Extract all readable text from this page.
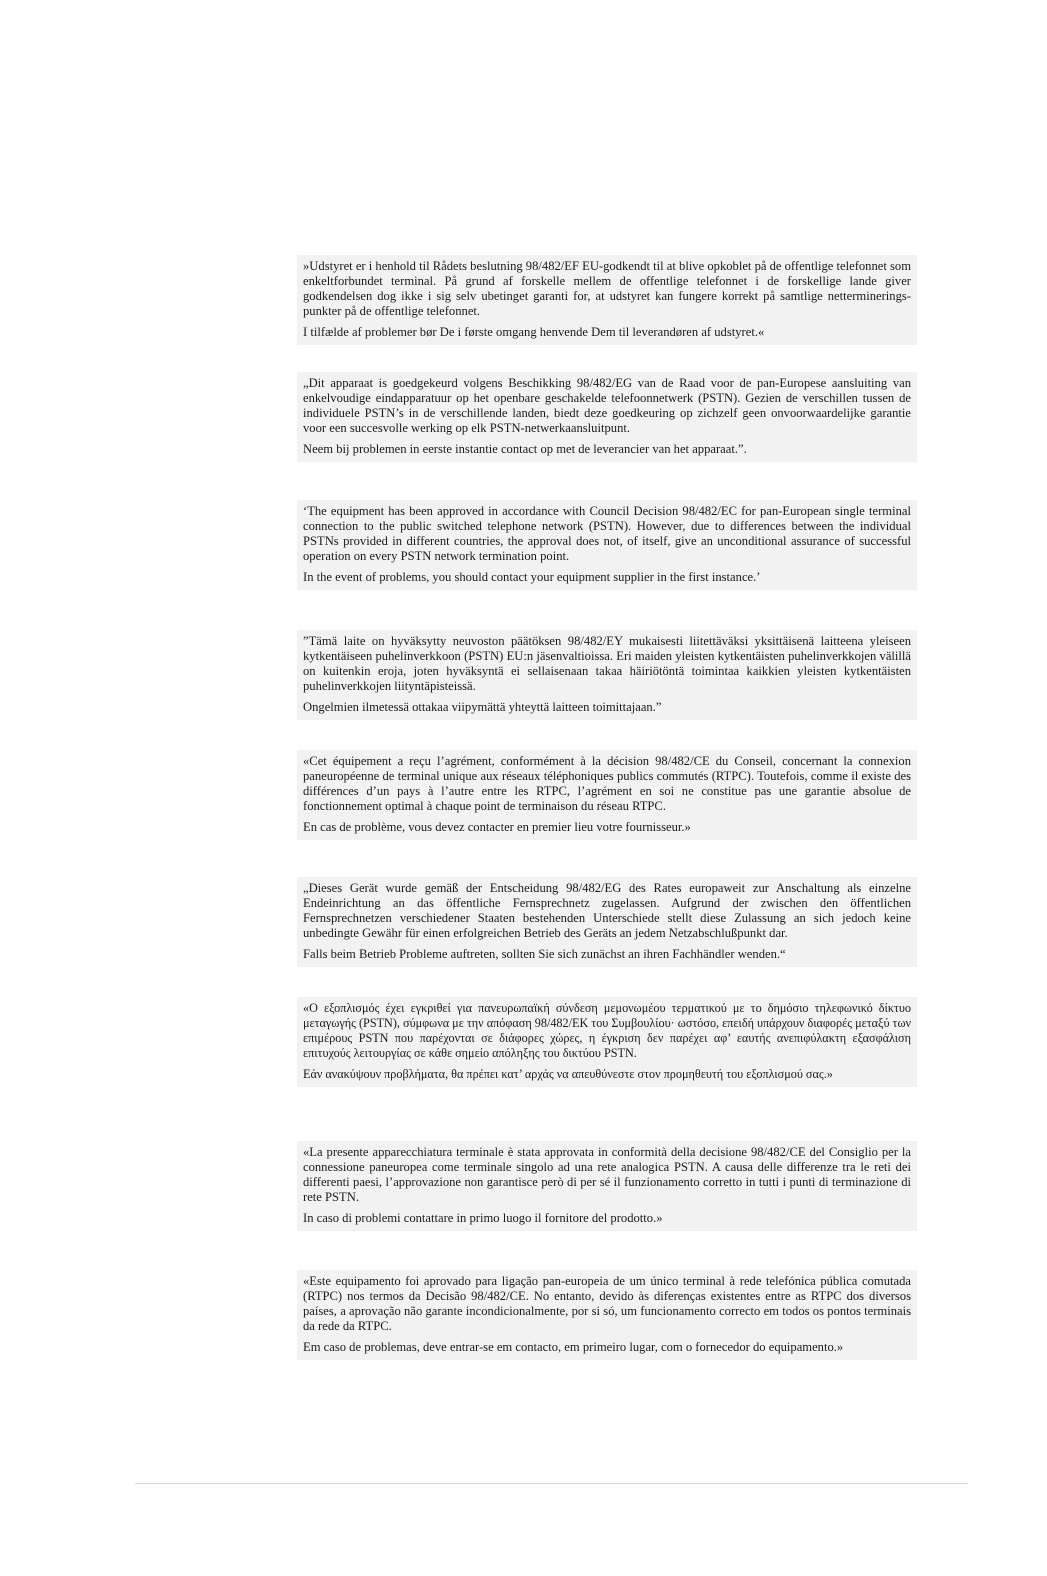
»Udstyret er i henhold til Rådets beslutning 98/482/EF EU-godkendt til at blive opkoblet på de offentlige telefonnet som enkeltforbundet terminal. På grund af forskelle mellem de offentlige telefonnet i de forskellige lande giver godkendelsen dog ikke i sig selv ubetinget garanti for, at udstyret kan fungere korrekt på samtlige nettermineringspunkter på de offentlige telefonnet.

I tilfælde af problemer bør De i første omgang henvende Dem til leverandøren af udstyret.«

„Dit apparaat is goedgekeurd volgens Beschikking 98/482/EG van de Raad voor de pan-Europese aansluiting van enkelvoudige eindapparatuur op het openbare geschakelde telefoonnetwerk (PSTN). Gezien de verschillen tussen de individuele PSTN’s in de verschillende landen, biedt deze goedkeuring op zichzelf geen onvoorwaardelijke garantie voor een succesvolle werking op elk PSTN-netwerkaansluitpunt.

Neem bij problemen in eerste instantie contact op met de leverancier van het apparaat.”.

‘The equipment has been approved in accordance with Council Decision 98/482/EC for pan-European single terminal connection to the public switched telephone network (PSTN). However, due to differences between the individual PSTNs provided in different countries, the approval does not, of itself, give an unconditional assurance of successful operation on every PSTN network termination point.

In the event of problems, you should contact your equipment supplier in the first instance.’

”Tämä laite on hyväksytty neuvoston päätöksen 98/482/EY mukaisesti liitettäväksi yksittäisenä laitteena yleiseen kytkentäiseen puhelinverkkoon (PSTN) EU:n jäsenvaltioissa. Eri maiden yleisten kytkentäisten puhelinverkkojen välillä on kuitenkin eroja, joten hyväksyntä ei sellaisenaan takaa häiriötöntä toimintaa kaikkien yleisten kytkentäisten puhelinverkkojen liityntäpisteissä.

Ongelmien ilmetessä ottakaa viipymättä yhteyttä laitteen toimittajaan.”

«Cet équipement a reçu l’agrément, conformément à la décision 98/482/CE du Conseil, concernant la connexion paneuropéenne de terminal unique aux réseaux téléphoniques publics commutés (RTPC). Toutefois, comme il existe des différences d’un pays à l’autre entre les RTPC, l’agrément en soi ne constitue pas une garantie absolue de fonctionnement optimal à chaque point de terminaison du réseau RTPC.

En cas de problème, vous devez contacter en premier lieu votre fournisseur.»

„Dieses Gerät wurde gemäß der Entscheidung 98/482/EG des Rates europaweit zur Anschaltung als einzelne Endeinrichtung an das öffentliche Fernsprechnetz zugelassen. Aufgrund der zwischen den öffentlichen Fernsprechnetzen verschiedener Staaten bestehenden Unterschiede stellt diese Zulassung an sich jedoch keine unbedingte Gewähr für einen erfolgreichen Betrieb des Geräts an jedem Netzabschlußpunkt dar.

Falls beim Betrieb Probleme auftreten, sollten Sie sich zunächst an ihren Fachhändler wenden.“

«Ο εξοπλισμός έχει εγκριθεί για πανευρωπαϊκή σύνδεση μεμονωμέου τερματικού με το δημόσιο τηλεφωνικό δίκτυο μεταγωγής (PSTN), σύμφωνα με την απόφαση 98/482/ΕΚ του Συμβουλίου· ωστόσο, επειδή υπάρχουν διαφορές μεταξύ των επιμέρους PSTN που παρέχονται σε διάφορες χώρες, η έγκριση δεν παρέχει αφ’ εαυτής ανεπιφύλακτη εξασφάλιση επιτυχούς λειτουργίας σε κάθε σημείο απόληξης του δικτύου PSTN.

Εάν ανακύψουν προβλήματα, θα πρέπει κατ’ αρχάς να απευθύνεστε στον προμηθευτή του εξοπλισμού σας.»

«La presente apparecchiatura terminale è stata approvata in conformità della decisione 98/482/CE del Consiglio per la connessione paneuropea come terminale singolo ad una rete analogica PSTN. A causa delle differenze tra le reti dei differenti paesi, l’approvazione non garantisce però di per sé il funzionamento corretto in tutti i punti di terminazione di rete PSTN.

In caso di problemi contattare in primo luogo il fornitore del prodotto.»

«Este equipamento foi aprovado para ligação pan-europeia de um único terminal à rede telefónica pública comutada (RTPC) nos termos da Decisão 98/482/CE. No entanto, devido às diferenças existentes entre as RTPC dos diversos países, a aprovação não garante incondicionalmente, por si só, um funcionamento correcto em todos os pontos terminais da rede da RTPC.

Em caso de problemas, deve entrar-se em contacto, em primeiro lugar, com o fornecedor do equipamento.»
